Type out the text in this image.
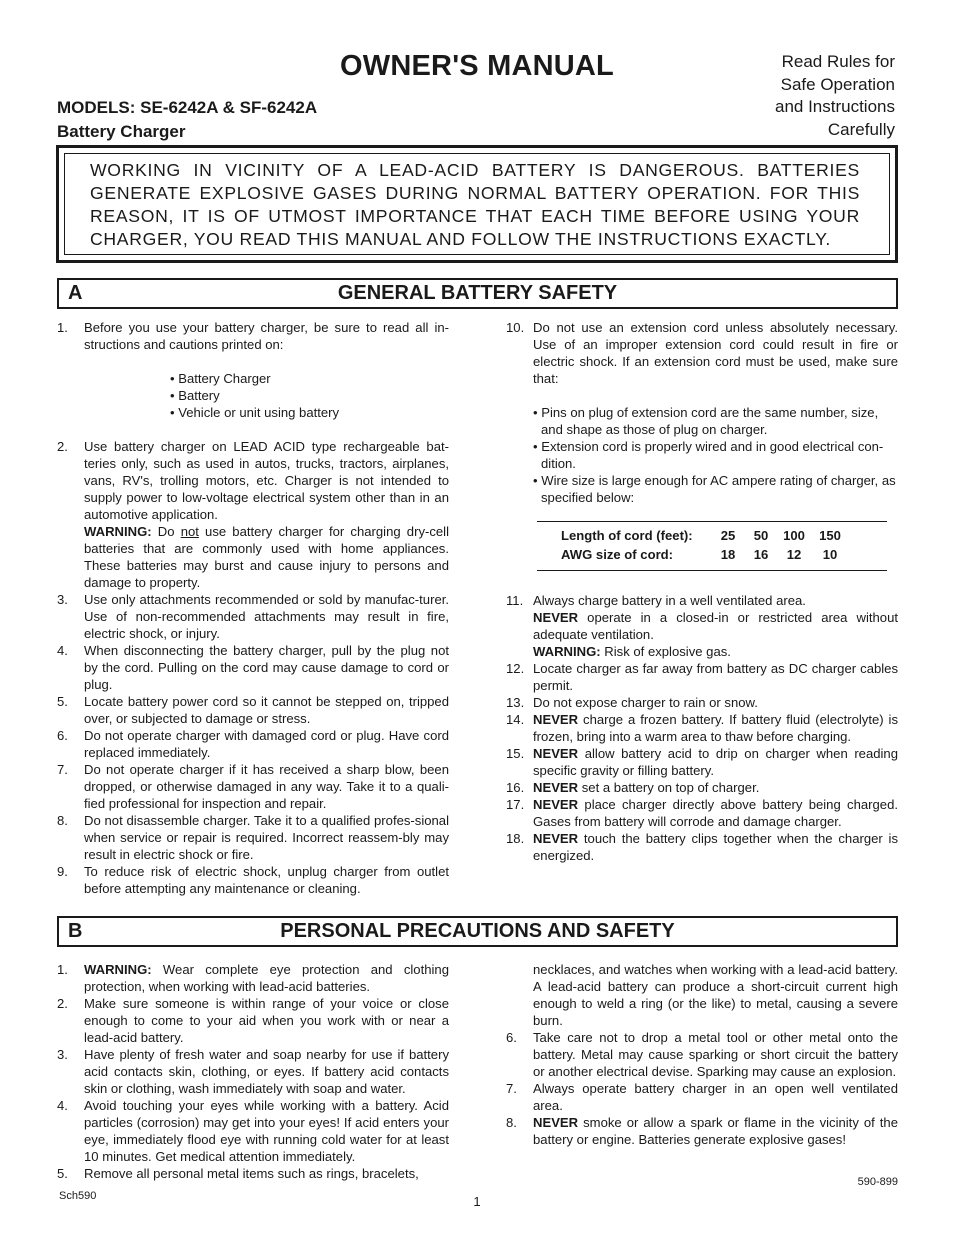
OWNER'S MANUAL
MODELS: SE-6242A & SF-6242A
Battery Charger
Read Rules for
Safe Operation
and Instructions
Carefully
WORKING IN VICINITY OF A LEAD-ACID BATTERY IS DANGEROUS. BATTERIES GENERATE EXPLOSIVE GASES DURING NORMAL BATTERY OPERATION. FOR THIS REASON, IT IS OF UTMOST IMPORTANCE THAT EACH TIME BEFORE USING YOUR CHARGER, YOU READ THIS MANUAL AND FOLLOW THE INSTRUCTIONS EXACTLY.
A	GENERAL BATTERY SAFETY
1. Before you use your battery charger, be sure to read all in-structions and cautions printed on:
• Battery Charger
• Battery
• Vehicle or unit using battery
2. Use battery charger on LEAD ACID type rechargeable bat-teries only, such as used in autos, trucks, tractors, airplanes, vans, RV's, trolling motors, etc. Charger is not intended to supply power to low-voltage electrical system other than in an automotive application.
WARNING: Do not use battery charger for charging dry-cell batteries that are commonly used with home appliances. These batteries may burst and cause injury to persons and damage to property.
3. Use only attachments recommended or sold by manufac-turer. Use of non-recommended attachments may result in fire, electric shock, or injury.
4. When disconnecting the battery charger, pull by the plug not by the cord. Pulling on the cord may cause damage to cord or plug.
5. Locate battery power cord so it cannot be stepped on, tripped over, or subjected to damage or stress.
6. Do not operate charger with damaged cord or plug. Have cord replaced immediately.
7. Do not operate charger if it has received a sharp blow, been dropped, or otherwise damaged in any way. Take it to a quali-fied professional for inspection and repair.
8. Do not disassemble charger. Take it to a qualified profes-sional when service or repair is required. Incorrect reassem-bly may result in electric shock or fire.
9. To reduce risk of electric shock, unplug charger from outlet before attempting any maintenance or cleaning.
10. Do not use an extension cord unless absolutely necessary. Use of an improper extension cord could result in fire or electric shock. If an extension cord must be used, make sure that:
• Pins on plug of extension cord are the same number, size, and shape as those of plug on charger.
• Extension cord is properly wired and in good electrical con-dition.
• Wire size is large enough for AC ampere rating of charger, as specified below:
Length of cord (feet):	25	50	100	150
AWG size of cord:	18	16	12	10
11. Always charge battery in a well ventilated area.
NEVER operate in a closed-in or restricted area without adequate ventilation.
WARNING: Risk of explosive gas.
12. Locate charger as far away from battery as DC charger cables permit.
13. Do not expose charger to rain or snow.
14. NEVER charge a frozen battery. If battery fluid (electrolyte) is frozen, bring into a warm area to thaw before charging.
15. NEVER allow battery acid to drip on charger when reading specific gravity or filling battery.
16. NEVER set a battery on top of charger.
17. NEVER place charger directly above battery being charged. Gases from battery will corrode and damage charger.
18. NEVER touch the battery clips together when the charger is energized.
B	PERSONAL PRECAUTIONS AND SAFETY
1. WARNING: Wear complete eye protection and clothing protection, when working with lead-acid batteries.
2. Make sure someone is within range of your voice or close enough to come to your aid when you work with or near a lead-acid battery.
3. Have plenty of fresh water and soap nearby for use if battery acid contacts skin, clothing, or eyes. If battery acid contacts skin or clothing, wash immediately with soap and water.
4. Avoid touching your eyes while working with a battery. Acid particles (corrosion) may get into your eyes! If acid enters your eye, immediately flood eye with running cold water for at least 10 minutes. Get medical attention immediately.
5. Remove all personal metal items such as rings, bracelets,
necklaces, and watches when working with a lead-acid battery. A lead-acid battery can produce a short-circuit current high enough to weld a ring (or the like) to metal, causing a severe burn.
6. Take care not to drop a metal tool or other metal onto the battery. Metal may cause sparking or short circuit the battery or another electrical devise. Sparking may cause an explosion.
7. Always operate battery charger in an open well ventilated area.
8. NEVER smoke or allow a spark or flame in the vicinity of the battery or engine. Batteries generate explosive gases!
Sch590	1
590-899
